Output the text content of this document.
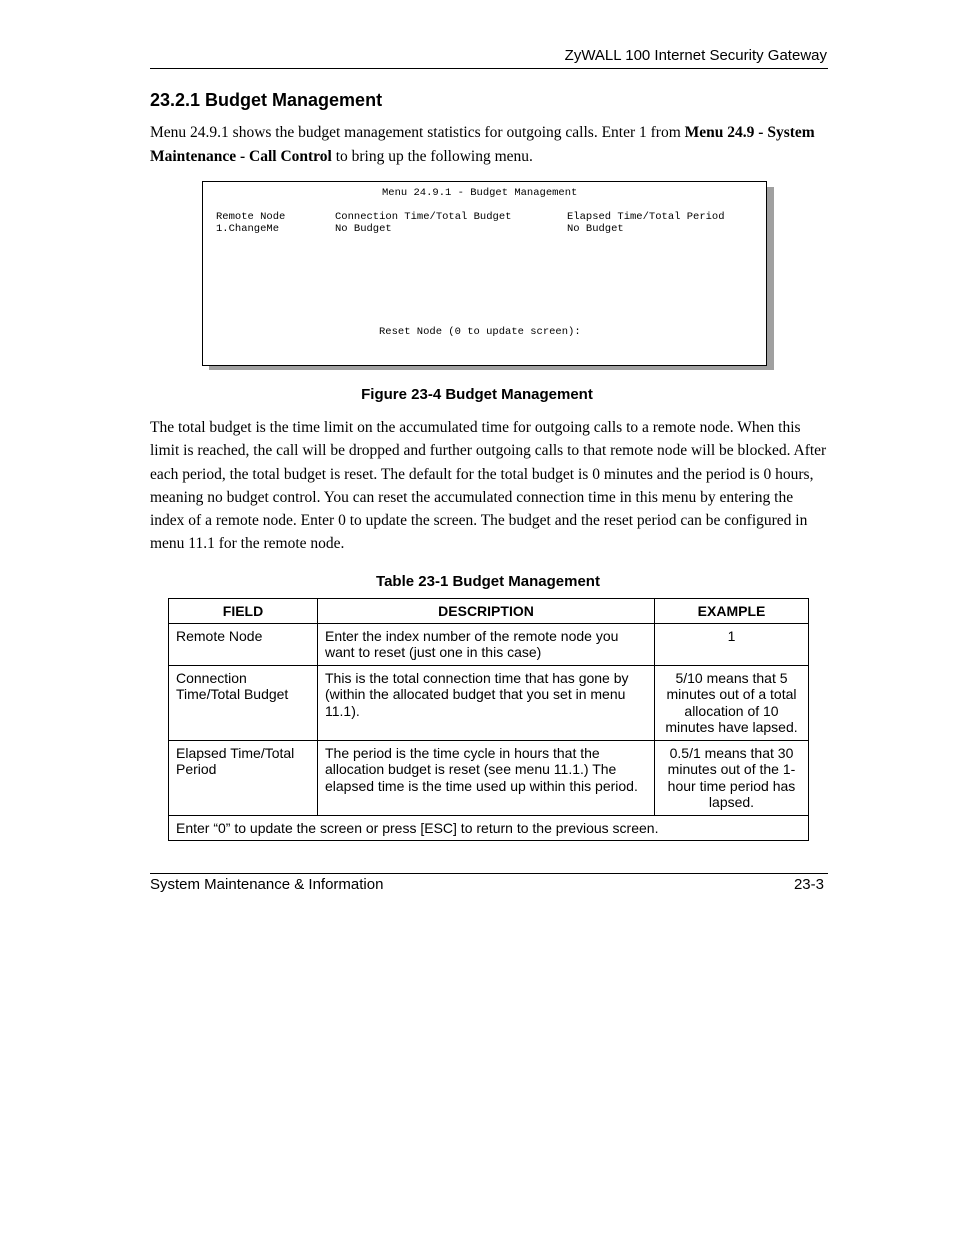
ZyWALL 100 Internet Security Gateway
23.2.1 Budget Management

Menu 24.9.1 shows the budget management statistics for outgoing calls. Enter 1 from Menu 24.9 - System Maintenance - Call Control to bring up the following menu.

Menu 24.9.1 - Budget Management
Remote Node	Connection Time/Total Budget	Elapsed Time/Total Period
1.ChangeMe	No Budget	No Budget
Reset Node (0 to update screen):
Figure 23-4 Budget Management

The total budget is the time limit on the accumulated time for outgoing calls to a remote node. When this limit is reached, the call will be dropped and further outgoing calls to that remote node will be blocked. After each period, the total budget is reset. The default for the total budget is 0 minutes and the period is 0 hours, meaning no budget control. You can reset the accumulated connection time in this menu by entering the index of a remote node. Enter 0 to update the screen. The budget and the reset period can be configured in menu 11.1 for the remote node.

Table 23-1 Budget Management
FIELD	DESCRIPTION	EXAMPLE
Remote Node	Enter the index number of the remote node you want to reset (just one in this case)	1
Connection Time/Total Budget	This is the total connection time that has gone by (within the allocated budget that you set in menu 11.1).	5/10 means that 5 minutes out of a total allocation of 10 minutes have lapsed.
Elapsed Time/Total Period	The period is the time cycle in hours that the allocation budget is reset (see menu 11.1.) The elapsed time is the time used up within this period.	0.5/1 means that 30 minutes out of the 1-hour time period has lapsed.
Enter “0” to update the screen or press [ESC] to return to the previous screen.		
System Maintenance & Information	23-3
